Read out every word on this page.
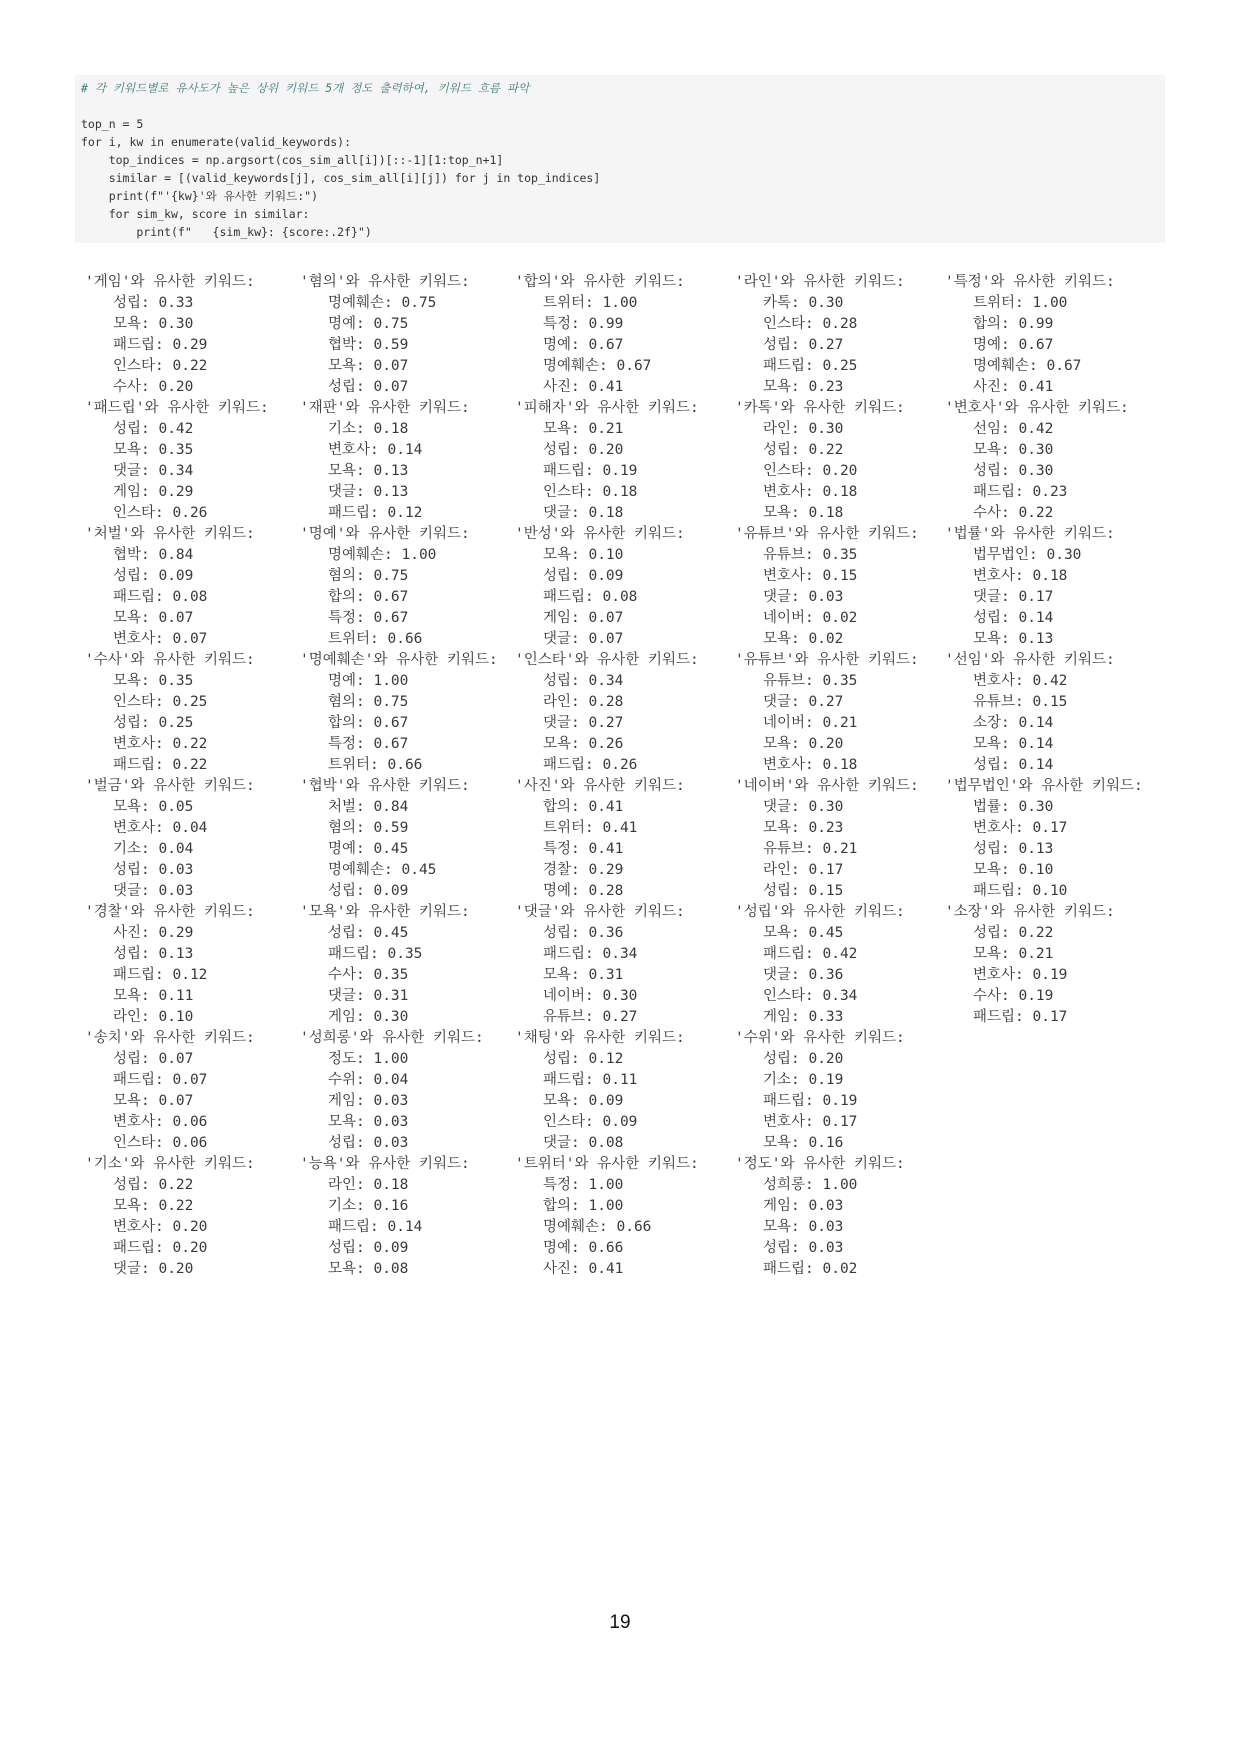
# 각 키워드별로 유사도가 높은 상위 키워드 5개 정도 출력하여, 키워드 흐름 파악
top_n = 5
for i, kw in enumerate(valid_keywords):
top_indices = np.argsort(cos_sim_all[i])[::-1][1:top_n+1]
similar = [(valid_keywords[j], cos_sim_all[i][j]) for j in top_indices]
print(f"'{kw}'와 유사한 키워드:")
for sim_kw, score in similar:
print(f"   {sim_kw}: {score:.2f}")
'게임'와 유사한 키워드:
성립: 0.33
모욕: 0.30
패드립: 0.29
인스타: 0.22
수사: 0.20
'패드립'와 유사한 키워드:
성립: 0.42
모욕: 0.35
댓글: 0.34
게임: 0.29
인스타: 0.26
'처벌'와 유사한 키워드:
협박: 0.84
성립: 0.09
패드립: 0.08
모욕: 0.07
변호사: 0.07
'수사'와 유사한 키워드:
모욕: 0.35
인스타: 0.25
성립: 0.25
변호사: 0.22
패드립: 0.22
'벌금'와 유사한 키워드:
모욕: 0.05
변호사: 0.04
기소: 0.04
성립: 0.03
댓글: 0.03
'경찰'와 유사한 키워드:
사진: 0.29
성립: 0.13
패드립: 0.12
모욕: 0.11
라인: 0.10
'송치'와 유사한 키워드:
성립: 0.07
패드립: 0.07
모욕: 0.07
변호사: 0.06
인스타: 0.06
'기소'와 유사한 키워드:
성립: 0.22
모욕: 0.22
변호사: 0.20
패드립: 0.20
댓글: 0.20
'혐의'와 유사한 키워드:
명예훼손: 0.75
명예: 0.75
협박: 0.59
모욕: 0.07
성립: 0.07
'재판'와 유사한 키워드:
기소: 0.18
변호사: 0.14
모욕: 0.13
댓글: 0.13
패드립: 0.12
'명예'와 유사한 키워드:
명예훼손: 1.00
혐의: 0.75
합의: 0.67
특정: 0.67
트위터: 0.66
'명예훼손'와 유사한 키워드:
명예: 1.00
혐의: 0.75
합의: 0.67
특정: 0.67
트위터: 0.66
'협박'와 유사한 키워드:
처벌: 0.84
혐의: 0.59
명예: 0.45
명예훼손: 0.45
성립: 0.09
'모욕'와 유사한 키워드:
성립: 0.45
패드립: 0.35
수사: 0.35
댓글: 0.31
게임: 0.30
'성희롱'와 유사한 키워드:
정도: 1.00
수위: 0.04
게임: 0.03
모욕: 0.03
성립: 0.03
'능욕'와 유사한 키워드:
라인: 0.18
기소: 0.16
패드립: 0.14
성립: 0.09
모욕: 0.08
'합의'와 유사한 키워드:
트위터: 1.00
특정: 0.99
명예: 0.67
명예훼손: 0.67
사진: 0.41
'피해자'와 유사한 키워드:
모욕: 0.21
성립: 0.20
패드립: 0.19
인스타: 0.18
댓글: 0.18
'반성'와 유사한 키워드:
모욕: 0.10
성립: 0.09
패드립: 0.08
게임: 0.07
댓글: 0.07
'인스타'와 유사한 키워드:
성립: 0.34
라인: 0.28
댓글: 0.27
모욕: 0.26
패드립: 0.26
'사진'와 유사한 키워드:
합의: 0.41
트위터: 0.41
특정: 0.41
경찰: 0.29
명예: 0.28
'댓글'와 유사한 키워드:
성립: 0.36
패드립: 0.34
모욕: 0.31
네이버: 0.30
유튜브: 0.27
'채팅'와 유사한 키워드:
성립: 0.12
패드립: 0.11
모욕: 0.09
인스타: 0.09
댓글: 0.08
'트위터'와 유사한 키워드:
특정: 1.00
합의: 1.00
명예훼손: 0.66
명예: 0.66
사진: 0.41
'라인'와 유사한 키워드:
카톡: 0.30
인스타: 0.28
성립: 0.27
패드립: 0.25
모욕: 0.23
'카톡'와 유사한 키워드:
라인: 0.30
성립: 0.22
인스타: 0.20
변호사: 0.18
모욕: 0.18
'유튜브'와 유사한 키워드:
유튜브: 0.35
변호사: 0.15
댓글: 0.03
네이버: 0.02
모욕: 0.02
'유튜브'와 유사한 키워드:
유튜브: 0.35
댓글: 0.27
네이버: 0.21
모욕: 0.20
변호사: 0.18
'네이버'와 유사한 키워드:
댓글: 0.30
모욕: 0.23
유튜브: 0.21
라인: 0.17
성립: 0.15
'성립'와 유사한 키워드:
모욕: 0.45
패드립: 0.42
댓글: 0.36
인스타: 0.34
게임: 0.33
'수위'와 유사한 키워드:
성립: 0.20
기소: 0.19
패드립: 0.19
변호사: 0.17
모욕: 0.16
'정도'와 유사한 키워드:
성희롱: 1.00
게임: 0.03
모욕: 0.03
성립: 0.03
패드립: 0.02
'특정'와 유사한 키워드:
트위터: 1.00
합의: 0.99
명예: 0.67
명예훼손: 0.67
사진: 0.41
'변호사'와 유사한 키워드:
선임: 0.42
모욕: 0.30
성립: 0.30
패드립: 0.23
수사: 0.22
'법률'와 유사한 키워드:
법무법인: 0.30
변호사: 0.18
댓글: 0.17
성립: 0.14
모욕: 0.13
'선임'와 유사한 키워드:
변호사: 0.42
유튜브: 0.15
소장: 0.14
모욕: 0.14
성립: 0.14
'법무법인'와 유사한 키워드:
법률: 0.30
변호사: 0.17
성립: 0.13
모욕: 0.10
패드립: 0.10
'소장'와 유사한 키워드:
성립: 0.22
모욕: 0.21
변호사: 0.19
수사: 0.19
패드립: 0.17
19
